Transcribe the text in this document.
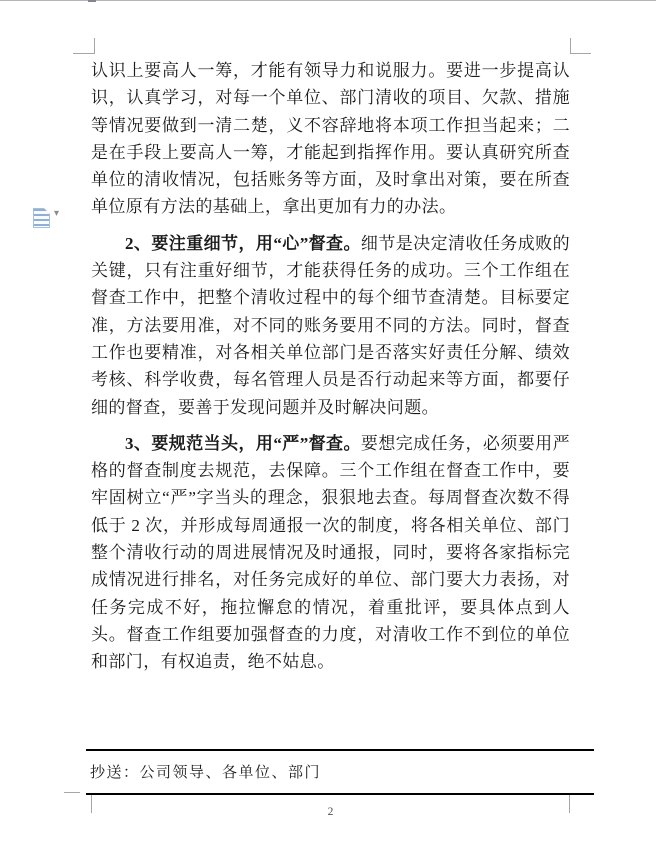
▾

认识上要高人一筹，才能有领导力和说服力。要进一步提高认识，认真学习，对每一个单位、部门清收的项目、欠款、措施等情况要做到一清二楚，义不容辞地将本项工作担当起来；二是在手段上要高人一筹，才能起到指挥作用。要认真研究所查单位的清收情况，包括账务等方面，及时拿出对策，要在所查单位原有方法的基础上，拿出更加有力的办法。

2、要注重细节，用“心”督查。细节是决定清收任务成败的关键，只有注重好细节，才能获得任务的成功。三个工作组在督查工作中，把整个清收过程中的每个细节查清楚。目标要定准，方法要用准，对不同的账务要用不同的方法。同时，督查工作也要精准，对各相关单位部门是否落实好责任分解、绩效考核、科学收费，每名管理人员是否行动起来等方面，都要仔细的督查，要善于发现问题并及时解决问题。

3、要规范当头，用“严”督查。要想完成任务，必须要用严格的督查制度去规范，去保障。三个工作组在督查工作中，要牢固树立“严”字当头的理念，狠狠地去查。每周督查次数不得低于 2 次，并形成每周通报一次的制度，将各相关单位、部门整个清收行动的周进展情况及时通报，同时，要将各家指标完成情况进行排名，对任务完成好的单位、部门要大力表扬，对任务完成不好，拖拉懈怠的情况，着重批评，要具体点到人头。督查工作组要加强督查的力度，对清收工作不到位的单位和部门，有权追责，绝不姑息。

抄送：公司领导、各单位、部门
2
